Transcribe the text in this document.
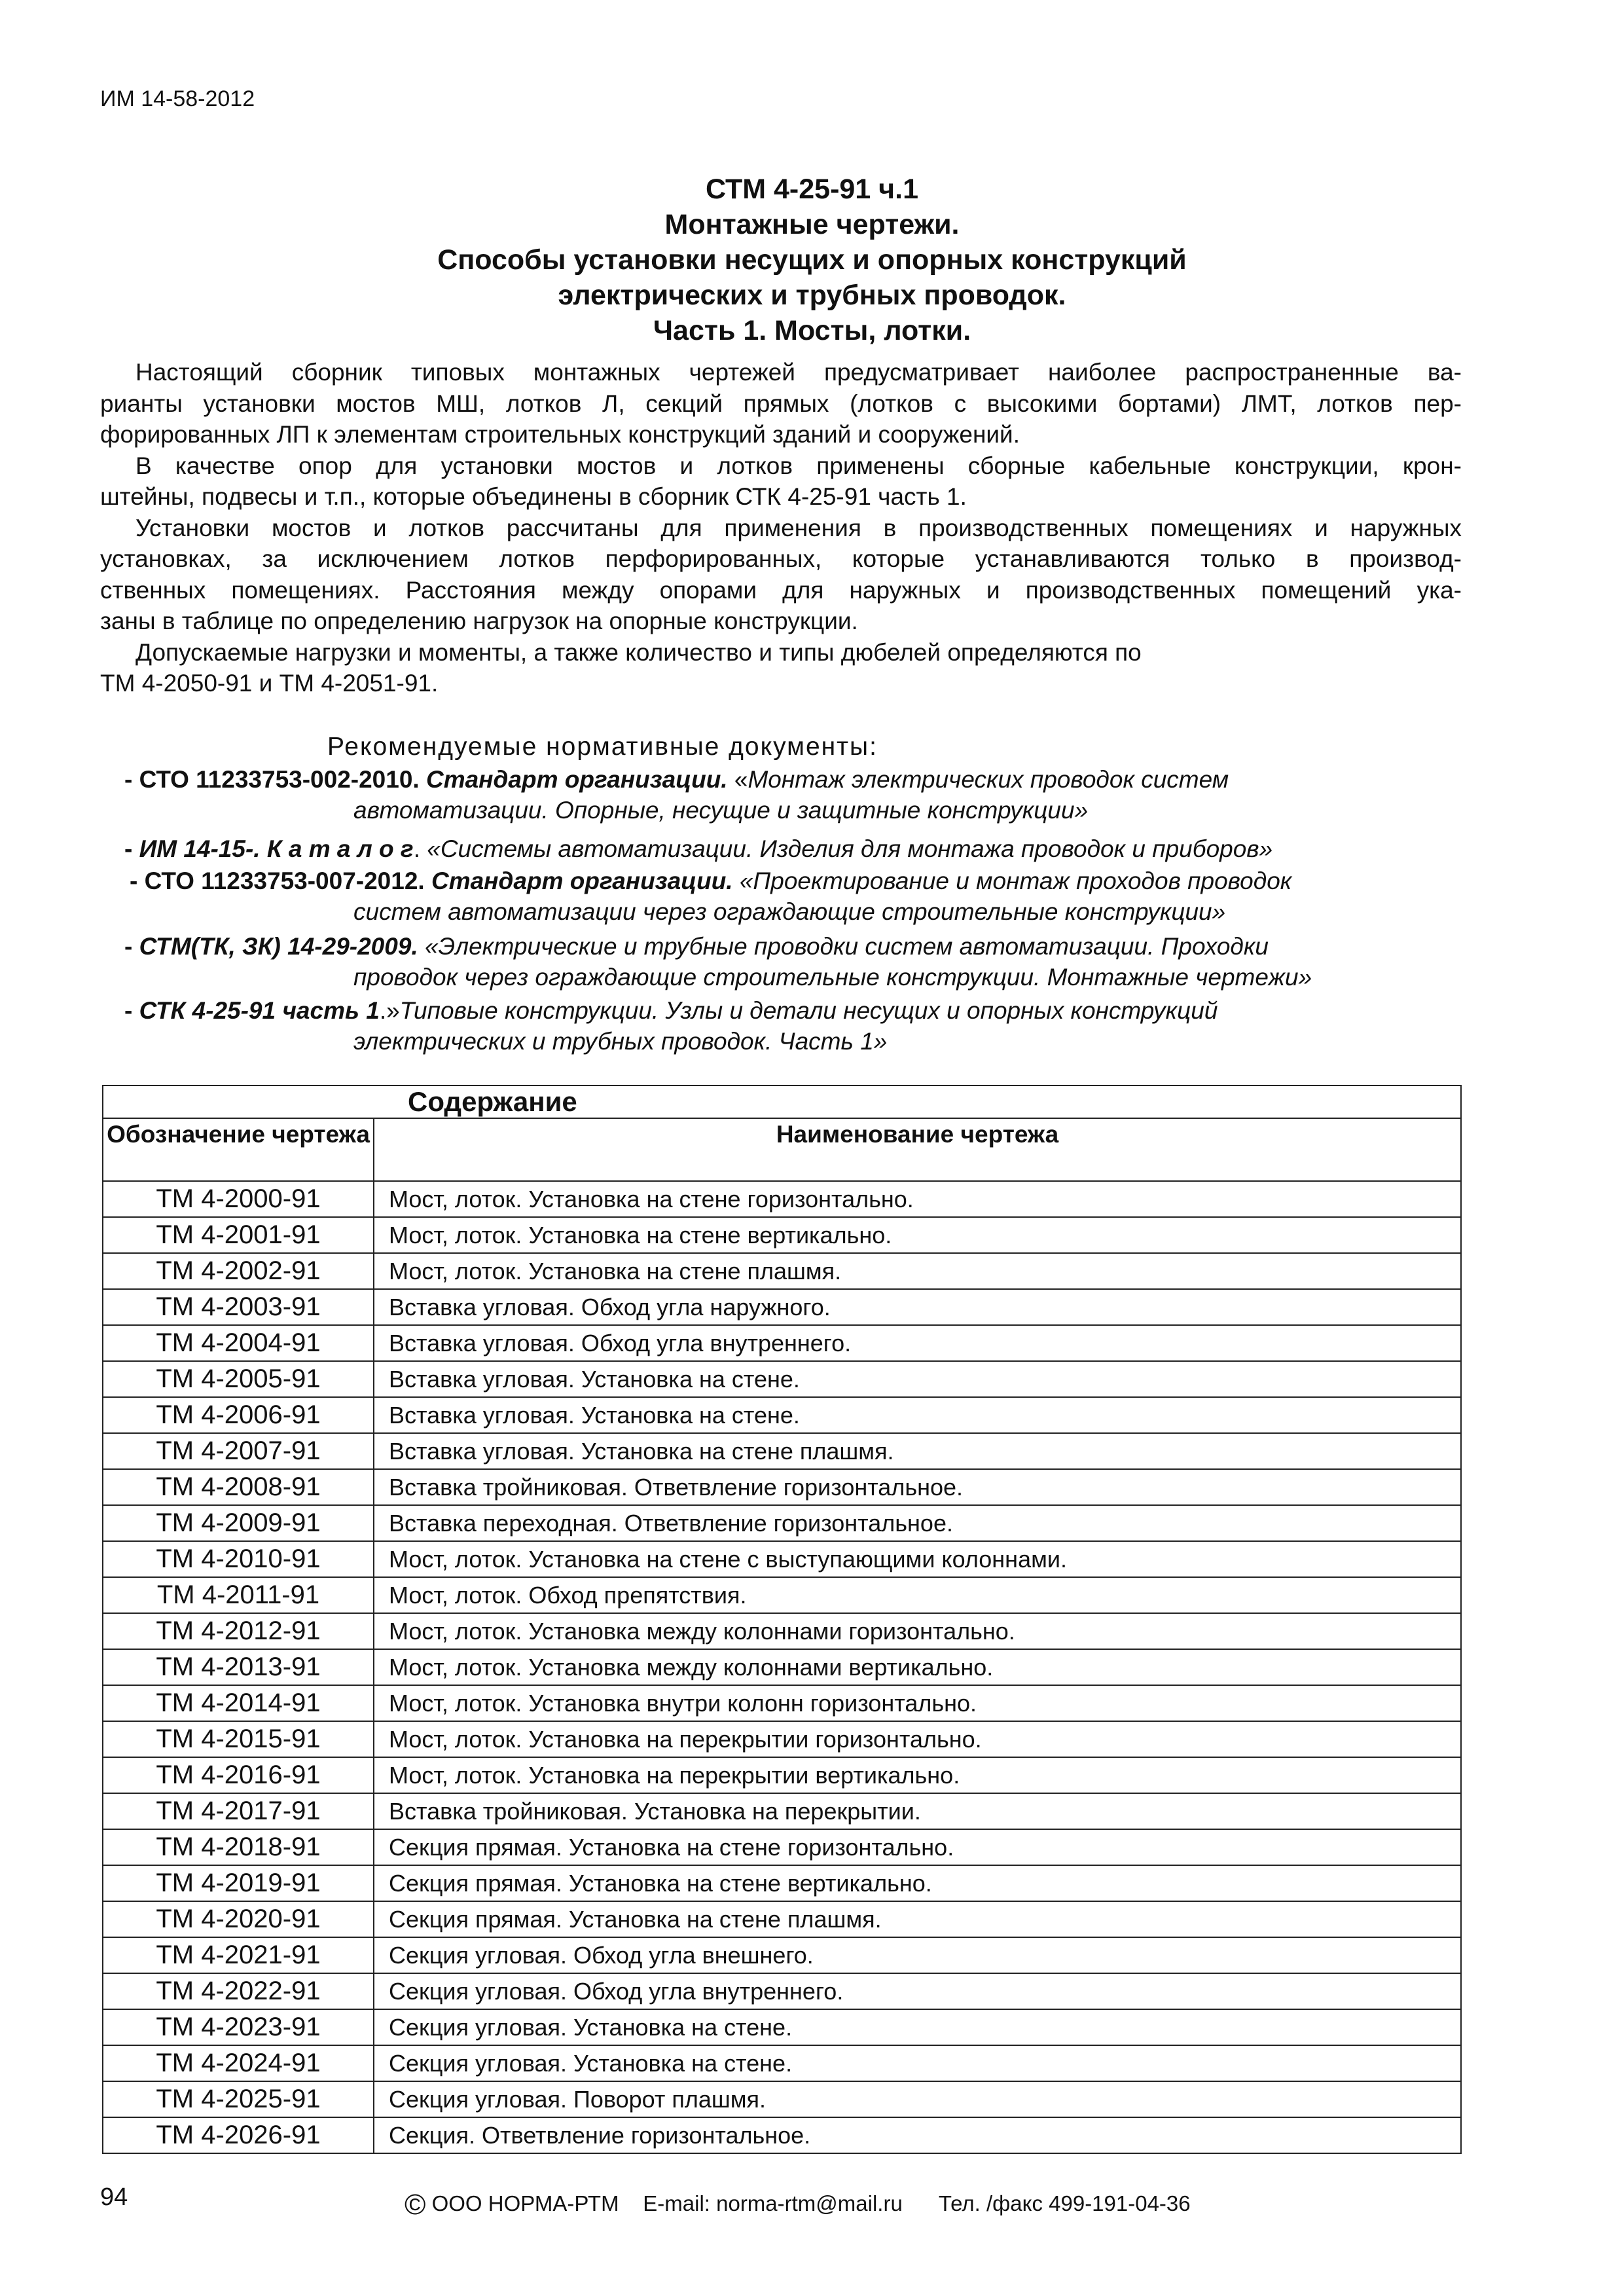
ИМ 14-58-2012
СТМ 4-25-91 ч.1
Монтажные чертежи.
Способы установки несущих и опорных конструкций
электрических и трубных проводок.
Часть 1. Мосты, лотки.

Настоящий сборник типовых монтажных чертежей предусматривает наиболее распространенные ва-

рианты установки мостов МШ, лотков Л, секций прямых (лотков с высокими бортами) ЛМТ, лотков пер-

форированных ЛП к элементам строительных конструкций зданий и сооружений.

В качестве опор для установки мостов и лотков применены сборные кабельные конструкции, крон-

штейны, подвесы и т.п., которые объединены в сборник СТК 4-25-91 часть 1.

Установки мостов и лотков рассчитаны для применения в производственных помещениях и наружных

установках, за исключением лотков перфорированных, которые устанавливаются только в производ-

ственных помещениях. Расстояния между опорами для наружных и производственных помещений ука-

заны в таблице по определению нагрузок на опорные конструкции.

Допускаемые нагрузки и моменты, а также количество и типы дюбелей определяются по

ТМ 4-2050-91 и ТМ 4-2051-91.

Рекомендуемые нормативные документы:
- СТО 11233753-002-2010. Стандарт организации. «Монтаж электрических проводок систем
автоматизации. Опорные, несущие и защитные конструкции»
- ИМ 14-15-. К а т а л о г. «Системы автоматизации. Изделия для монтажа проводок и приборов»
- СТО 11233753-007-2012. Стандарт организации. «Проектирование и монтаж проходов проводок
систем автоматизации через ограждающие строительные конструкции»
- СТМ(ТК, ЗК) 14-29-2009. «Электрические и трубные проводки систем автоматизации. Проходки
проводок через ограждающие строительные конструкции. Монтажные чертежи»
- СТК 4-25-91 часть 1.»Типовые конструкции. Узлы и детали несущих и опорных конструкций
электрических и трубных проводок. Часть 1»
Содержание	
Обозначение чертежа	Наименование чертежа
ТМ 4-2000-91	Мост, лоток. Установка на стене горизонтально.
ТМ 4-2001-91	Мост, лоток. Установка на стене вертикально.
ТМ 4-2002-91	Мост, лоток. Установка на стене плашмя.
ТМ 4-2003-91	Вставка угловая. Обход угла наружного.
ТМ 4-2004-91	Вставка угловая. Обход угла внутреннего.
ТМ 4-2005-91	Вставка угловая. Установка на стене.
ТМ 4-2006-91	Вставка угловая. Установка на стене.
ТМ 4-2007-91	Вставка угловая. Установка на стене плашмя.
ТМ 4-2008-91	Вставка тройниковая. Ответвление горизонтальное.
ТМ 4-2009-91	Вставка переходная. Ответвление горизонтальное.
ТМ 4-2010-91	Мост, лоток. Установка на стене с выступающими колоннами.
ТМ 4-2011-91	Мост, лоток. Обход препятствия.
ТМ 4-2012-91	Мост, лоток. Установка между колоннами горизонтально.
ТМ 4-2013-91	Мост, лоток. Установка между колоннами вертикально.
ТМ 4-2014-91	Мост, лоток. Установка внутри колонн горизонтально.
ТМ 4-2015-91	Мост, лоток. Установка на перекрытии горизонтально.
ТМ 4-2016-91	Мост, лоток. Установка на перекрытии вертикально.
ТМ 4-2017-91	Вставка тройниковая. Установка на перекрытии.
ТМ 4-2018-91	Секция прямая. Установка на стене горизонтально.
ТМ 4-2019-91	Секция прямая. Установка на стене вертикально.
ТМ 4-2020-91	Секция прямая. Установка на стене плашмя.
ТМ 4-2021-91	Секция угловая. Обход угла внешнего.
ТМ 4-2022-91	Секция угловая. Обход угла внутреннего.
ТМ 4-2023-91	Секция угловая. Установка на стене.
ТМ 4-2024-91	Секция угловая. Установка на стене.
ТМ 4-2025-91	Секция угловая. Поворот плашмя.
ТМ 4-2026-91	Секция. Ответвление горизонтальное.
94	© ООО НОРМА-РТМ E-mail: norma-rtm@mail.ru Тел. /факс 499-191-04-36
